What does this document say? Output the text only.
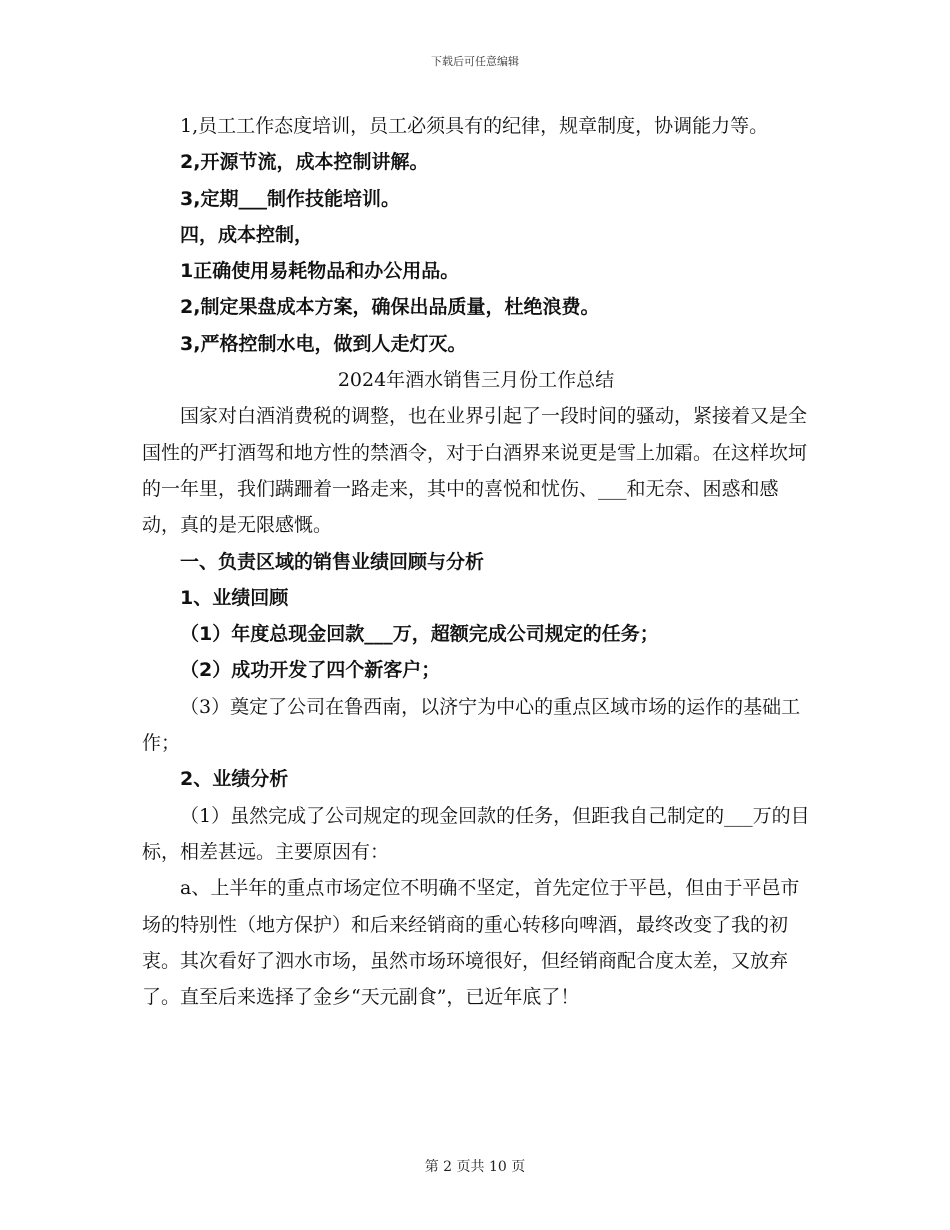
下载后可任意编辑

1,员工工作态度培训，员工必须具有的纪律，规章制度，协调能力等。

2,开源节流，成本控制讲解。

3,定期___制作技能培训。

四，成本控制，

1正确使用易耗物品和办公用品。

2,制定果盘成本方案，确保出品质量，杜绝浪费。

3,严格控制水电，做到人走灯灭。

2024年酒水销售三月份工作总结

国家对白酒消费税的调整，也在业界引起了一段时间的骚动，紧接着又是全国性的严打酒驾和地方性的禁酒令，对于白酒界来说更是雪上加霜。在这样坎坷的一年里，我们蹒跚着一路走来，其中的喜悦和忧伤、___和无奈、困惑和感动，真的是无限感慨。

一、负责区域的销售业绩回顾与分析

1、业绩回顾

（1）年度总现金回款___万，超额完成公司规定的任务；

（2）成功开发了四个新客户；

（3）奠定了公司在鲁西南，以济宁为中心的重点区域市场的运作的基础工作；

2、业绩分析

（1）虽然完成了公司规定的现金回款的任务，但距我自己制定的___万的目标，相差甚远。主要原因有：

a、上半年的重点市场定位不明确不坚定，首先定位于平邑，但由于平邑市场的特别性（地方保护）和后来经销商的重心转移向啤酒，最终改变了我的初衷。其次看好了泗水市场，虽然市场环境很好，但经销商配合度太差，又放弃了。直至后来选择了金乡“天元副食”，已近年底了！

第 2 页共 10 页
